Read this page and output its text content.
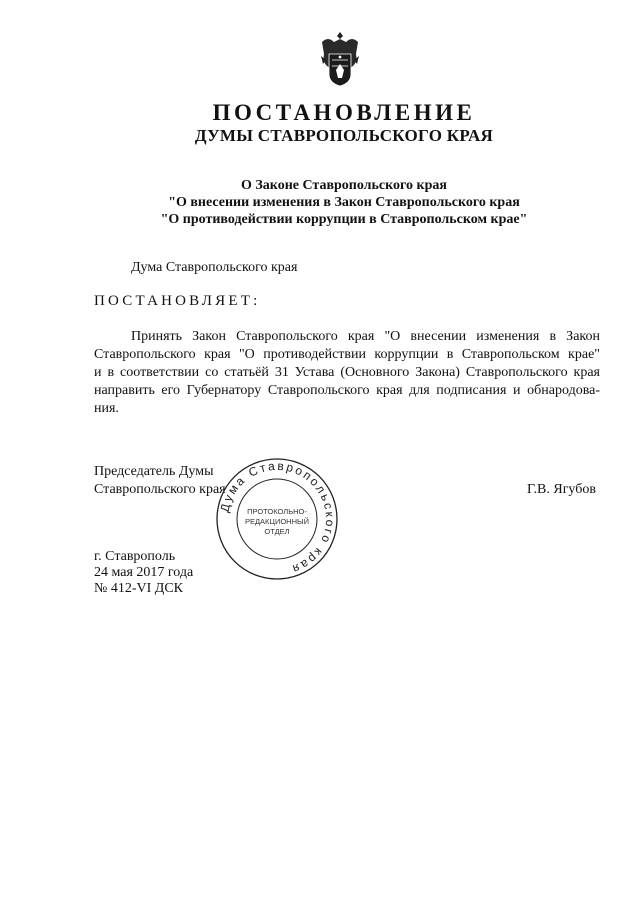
ПОСТАНОВЛЕНИЕ
ДУМЫ СТАВРОПОЛЬСКОГО КРАЯ
О Законе Ставропольского края
"О внесении изменения в Закон Ставропольского края
"О противодействии коррупции в Ставропольском крае"
Дума Ставропольского края
ПОСТАНОВЛЯЕТ:
Принять Закон Ставропольского края "О внесении изменения в Закон
Ставропольского края "О противодействии коррупции в Ставропольском крае"
и в соответствии со статьёй 31 Устава (Основного Закона) Ставропольского края
направить его Губернатору Ставропольского края для подписания и обнародова-
ния.
Председатель Думы
Ставропольского края	Г.В. Ягубов
г. Ставрополь
24 мая 2017 года
№ 412-VI ДСК
Дума Ставропольского края
ПРОТОКОЛЬНО-
РЕДАКЦИОННЫЙ
ОТДЕЛ
